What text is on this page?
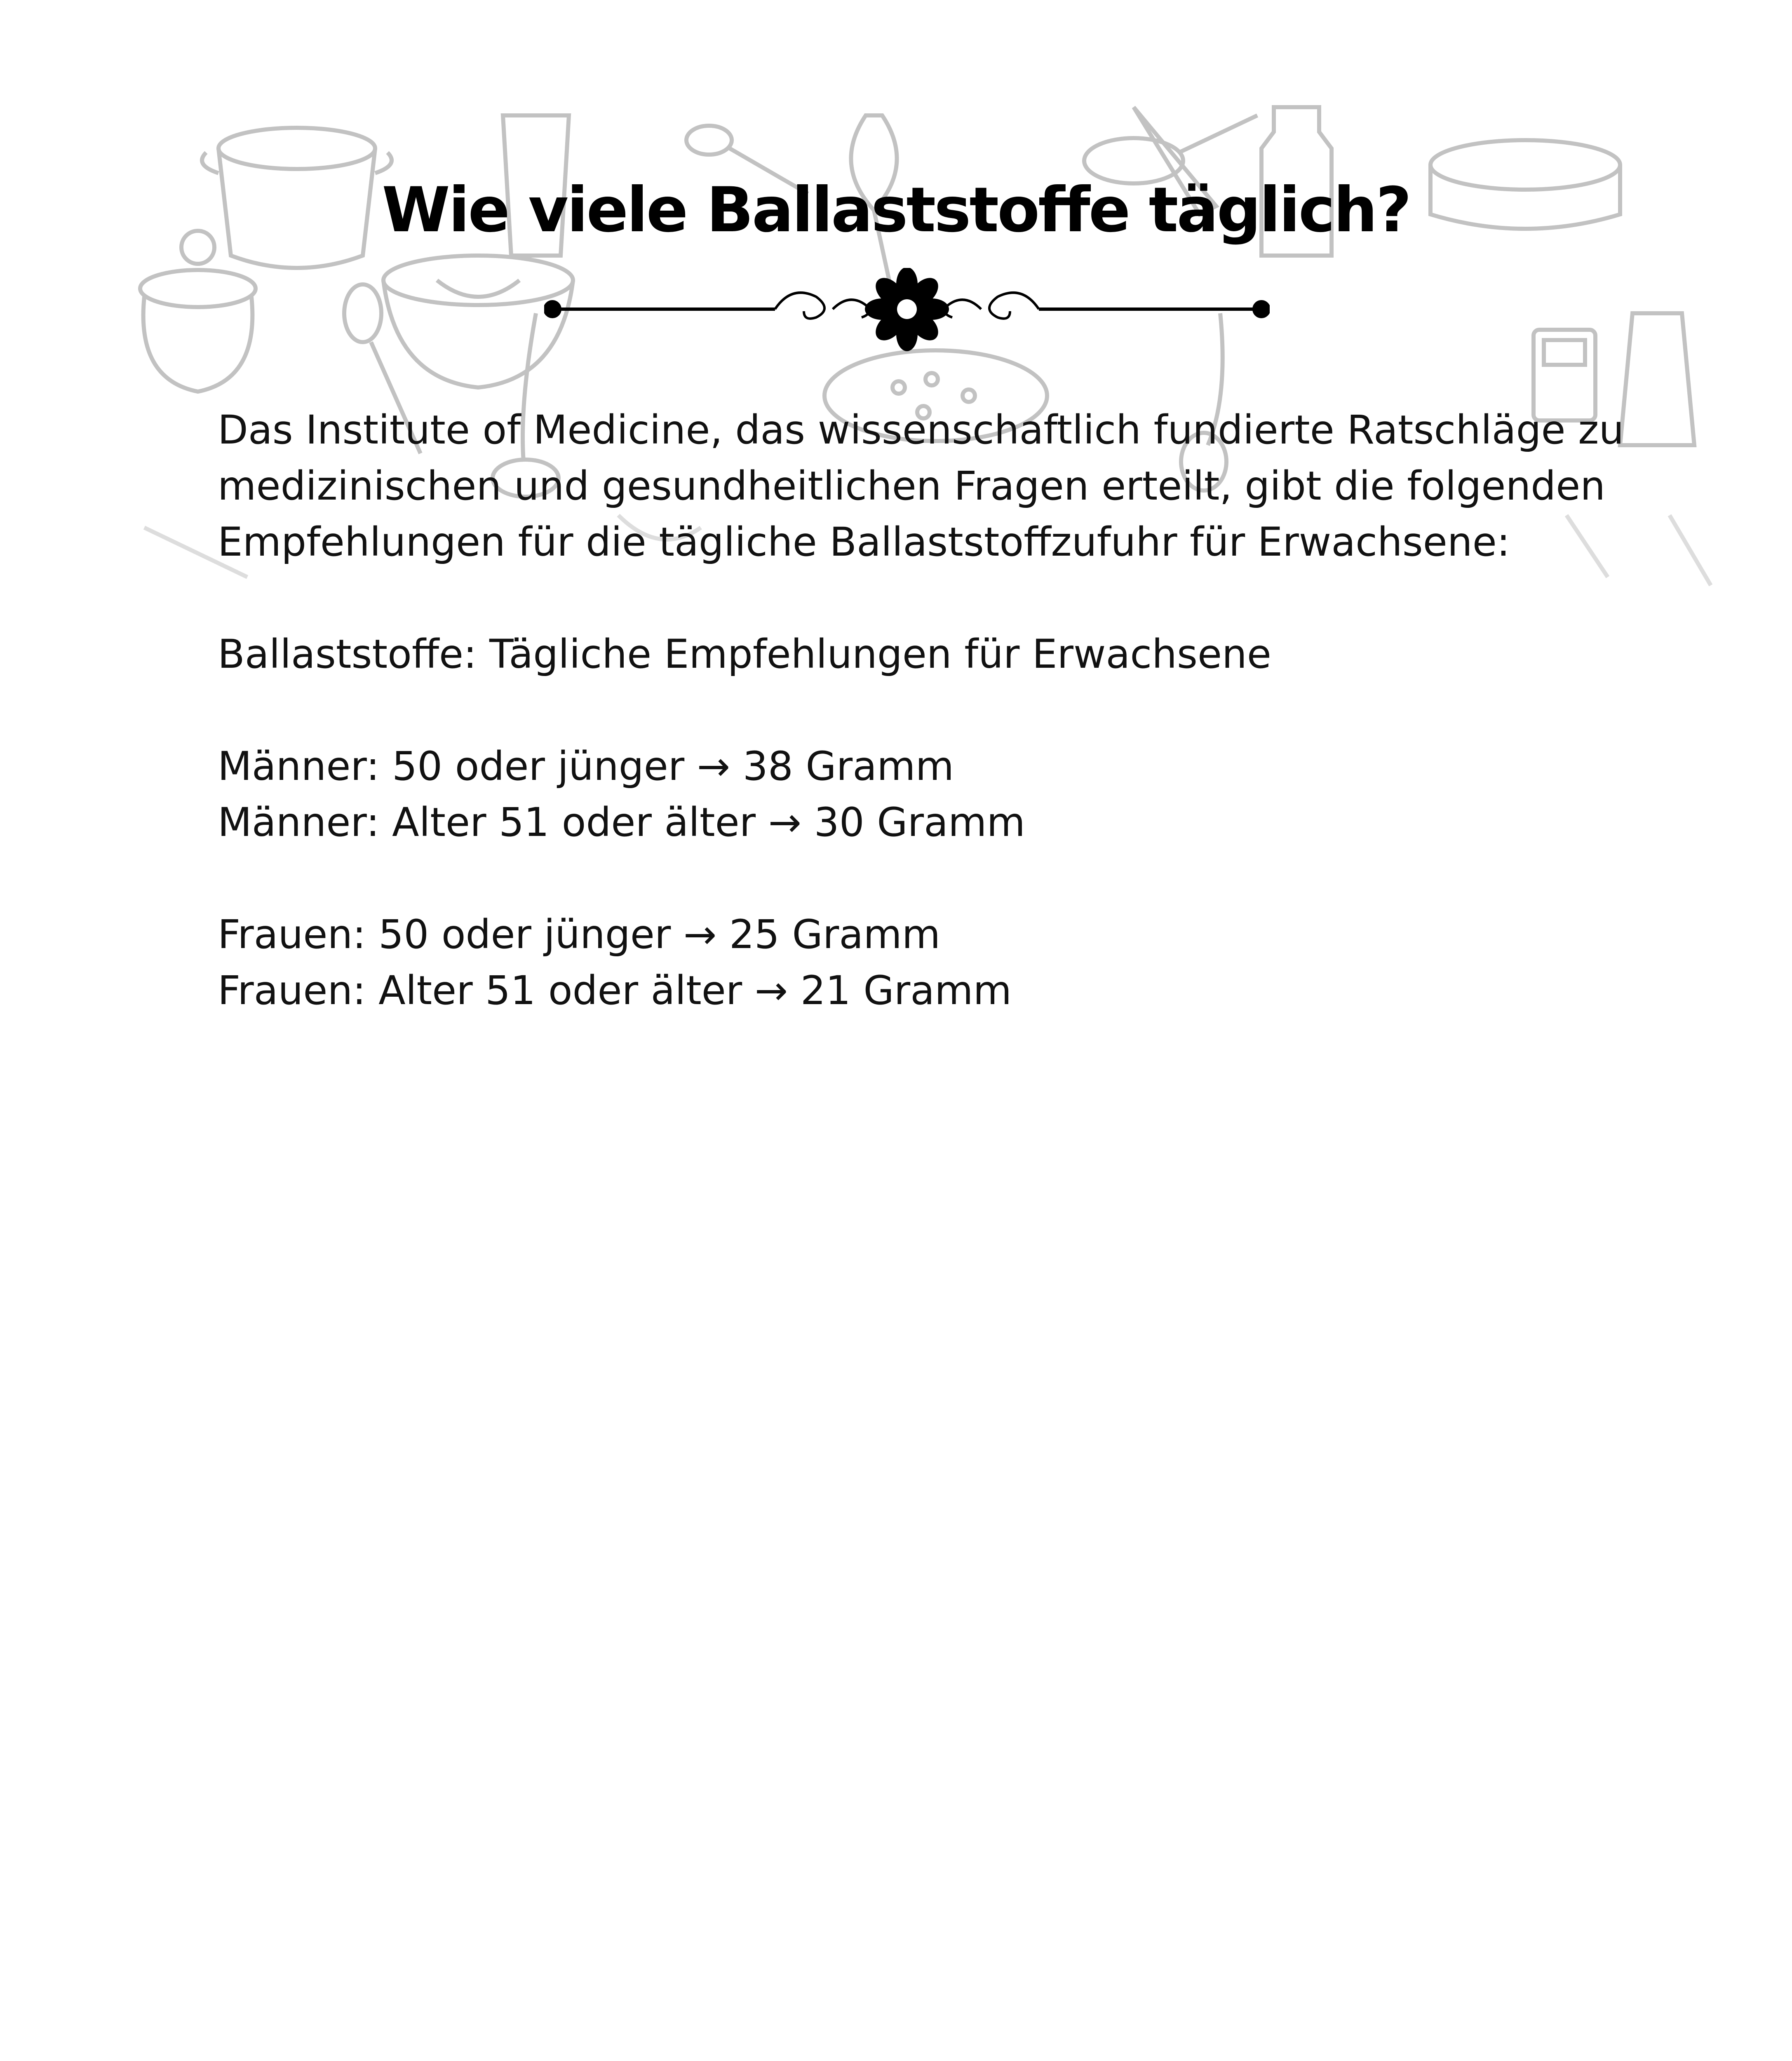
Wie viele Ballaststoffe täglich?

Das Institute of Medicine, das wissenschaftlich fundierte Ratschläge zu medizinischen und gesundheitlichen Fragen erteilt, gibt die folgenden Empfehlungen für die tägliche Ballaststoffzufuhr für Erwachsene:

Ballaststoffe: Tägliche Empfehlungen für Erwachsene

Männer: 50 oder jünger → 38 Gramm

Männer: Alter 51 oder älter → 30 Gramm

Frauen: 50 oder jünger → 25 Gramm

Frauen: Alter 51 oder älter → 21 Gramm
